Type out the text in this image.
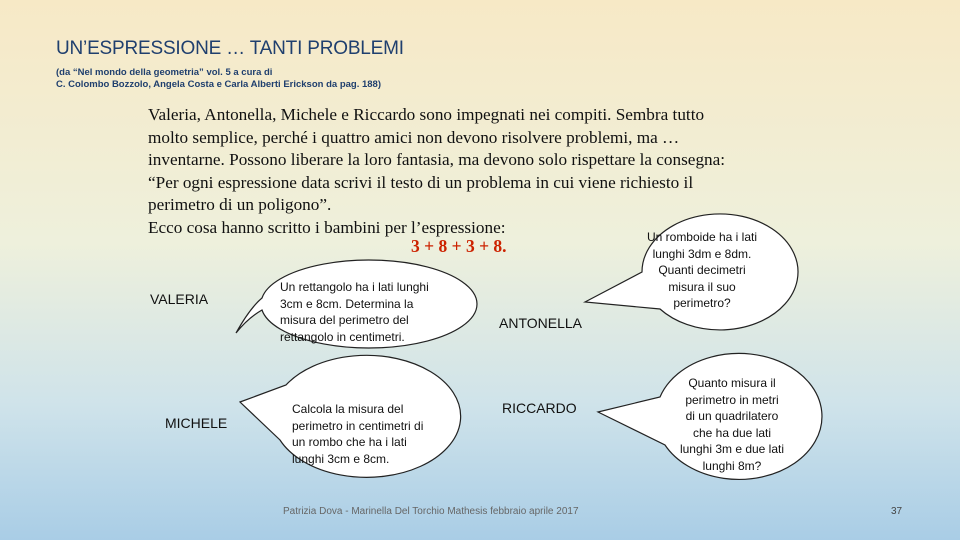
UN’ESPRESSIONE … TANTI PROBLEMI
(da “Nel mondo della geometria” vol. 5 a cura di
C. Colombo Bozzolo, Angela Costa e Carla Alberti Erickson da pag. 188)
Valeria, Antonella, Michele e Riccardo sono impegnati nei compiti. Sembra tutto
molto semplice, perché i quattro amici non devono risolvere problemi, ma …
inventarne. Possono liberare la loro fantasia, ma devono solo rispettare la consegna:
“Per ogni espressione data scrivi il testo di un problema in cui viene richiesto il
perimetro di un poligono”.
Ecco cosa hanno scritto i bambini per l’espressione:
3 + 8 + 3 + 8.
VALERIA
ANTONELLA
MICHELE
RICCARDO
Un rettangolo ha i lati lunghi
3cm e 8cm. Determina la
misura del perimetro del
rettangolo in centimetri.
Un romboide ha i lati
lunghi 3dm e 8dm.
Quanti decimetri
misura il suo
perimetro?
Calcola la misura del
perimetro in centimetri di
un rombo che ha i lati
lunghi 3cm e 8cm.
Quanto misura il
perimetro in metri
di un quadrilatero
che ha due lati
lunghi 3m e due lati
lunghi 8m?
Patrizia Dova - Marinella Del Torchio Mathesis febbraio aprile 2017	37
